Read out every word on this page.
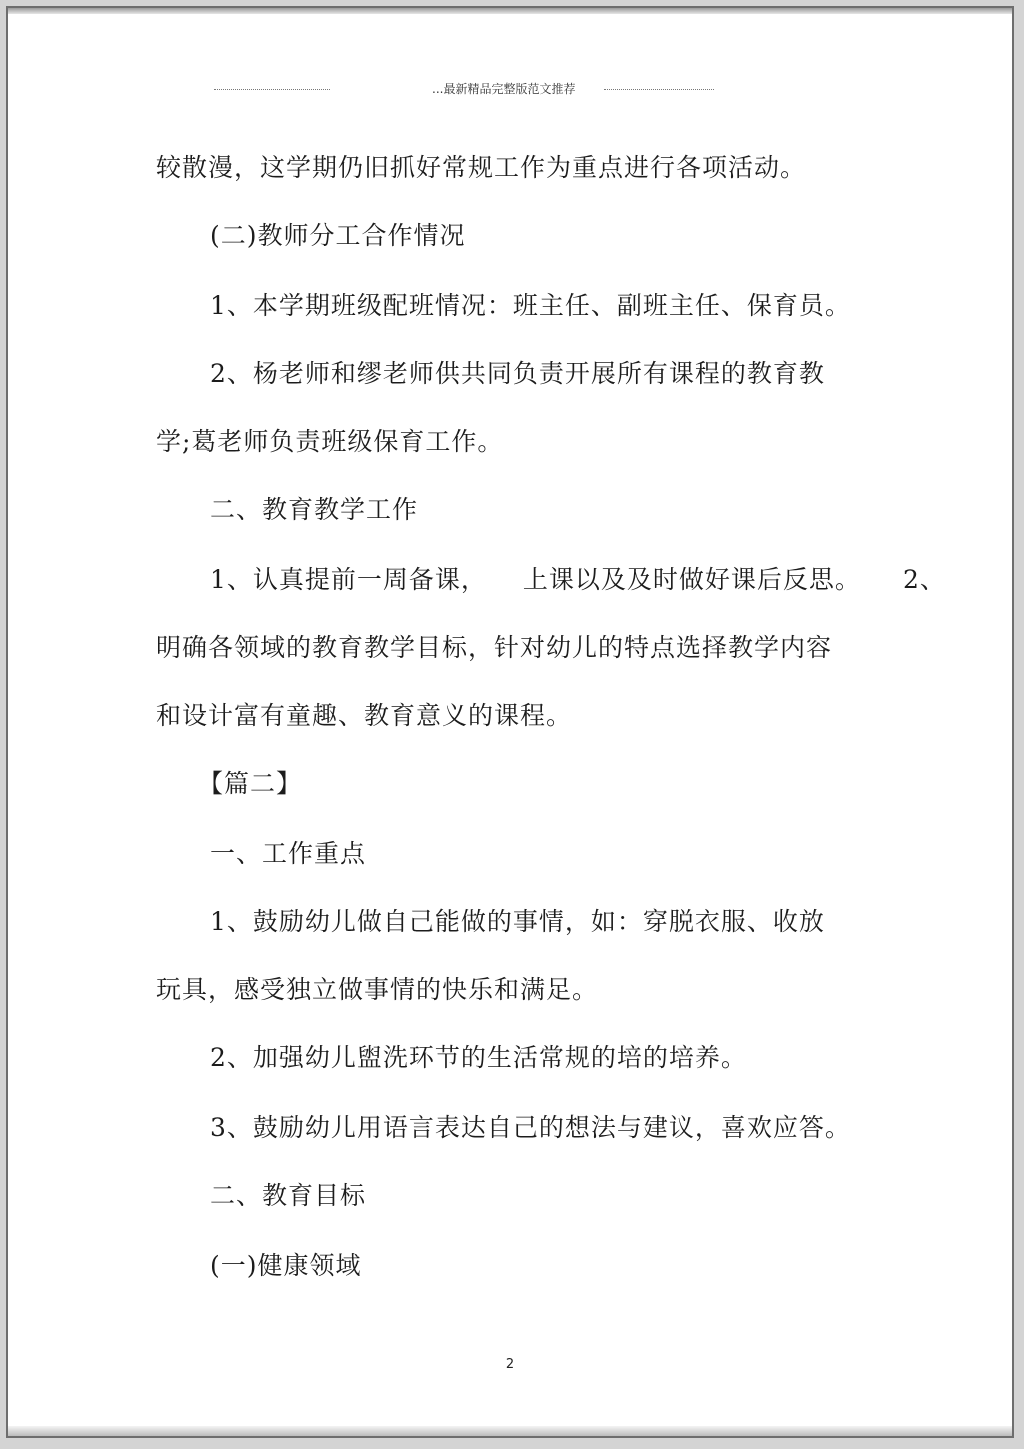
...最新精品完整版范文推荐
较散漫，这学期仍旧抓好常规工作为重点进行各项活动。
(二)教师分工合作情况
1、本学期班级配班情况：班主任、副班主任、保育员。
2、杨老师和缪老师供共同负责开展所有课程的教育教
学;葛老师负责班级保育工作。
二、教育教学工作
1、认真提前一周备课， 上课以及及时做好课后反思。 2、
明确各领域的教育教学目标，针对幼儿的特点选择教学内容
和设计富有童趣、教育意义的课程。
【篇二】
一、工作重点
1、鼓励幼儿做自己能做的事情，如：穿脱衣服、收放
玩具，感受独立做事情的快乐和满足。
2、加强幼儿盥洗环节的生活常规的培的培养。
3、鼓励幼儿用语言表达自己的想法与建议，喜欢应答。
二、教育目标
(一)健康领域
2
